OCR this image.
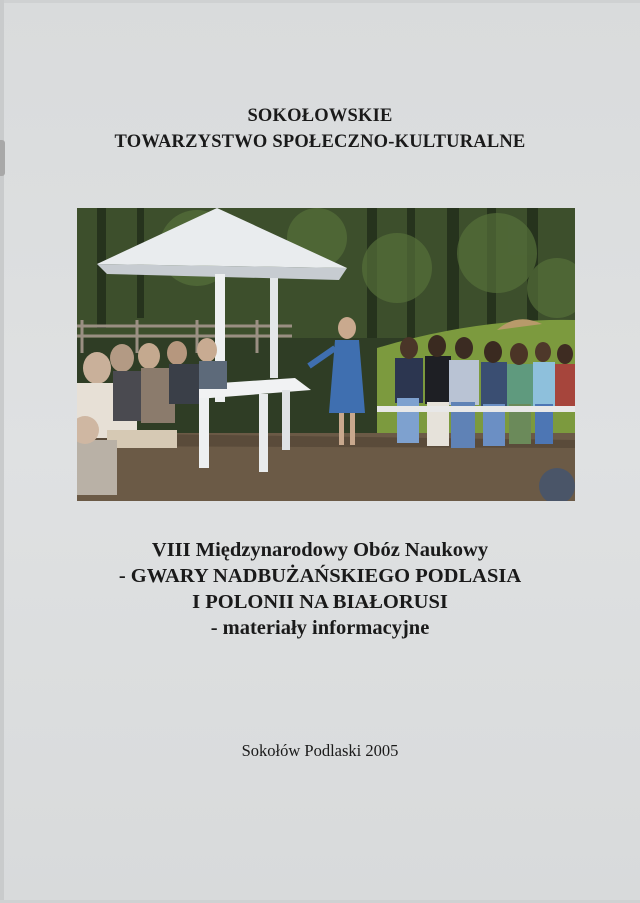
SOKOŁOWSKIE
TOWARZYSTWO SPOŁECZNO-KULTURALNE
VIII Międzynarodowy Obóz Naukowy
- GWARY NADBUŻAŃSKIEGO PODLASIA
I POLONII NA BIAŁORUSI
- materiały informacyjne
Sokołów Podlaski 2005
